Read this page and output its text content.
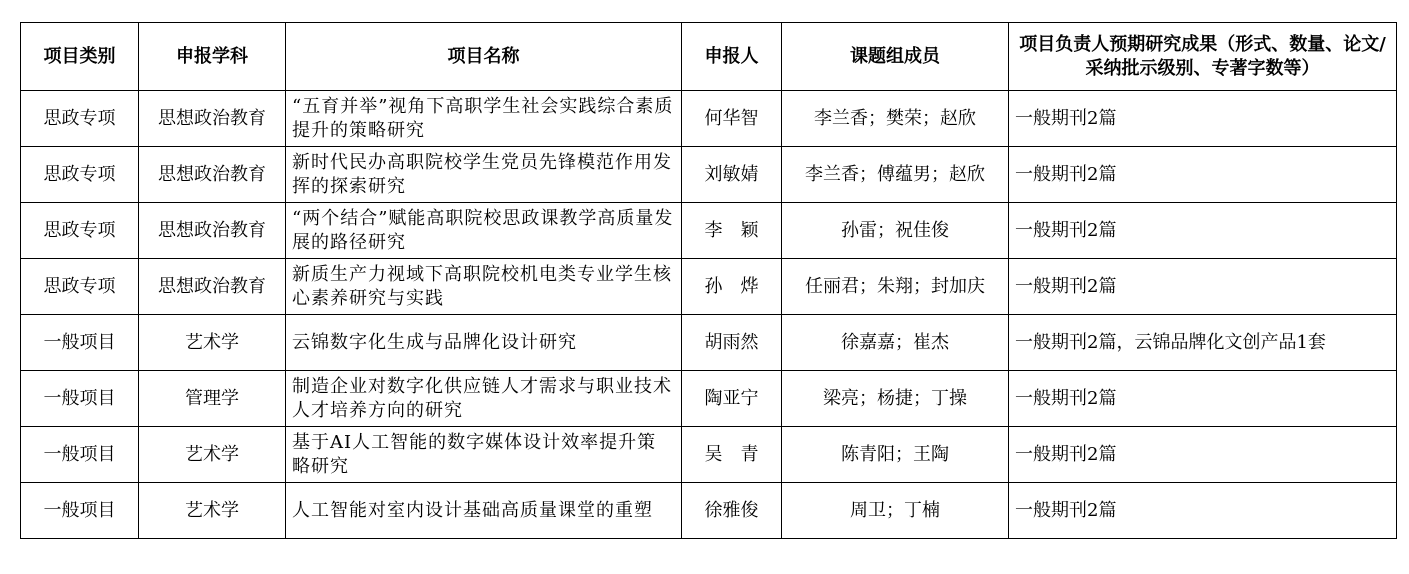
项目类别	申报学科	项目名称	申报人	课题组成员	项目负责人预期研究成果（形式、数量、论文/采纳批示级别、专著字数等）
思政专项	思想政治教育	“五育并举”视角下高职学生社会实践综合素质提升的策略研究	何华智	李兰香；樊荣；赵欣	一般期刊2篇
思政专项	思想政治教育	新时代民办高职院校学生党员先锋模范作用发挥的探索研究	刘敏婧	李兰香；傅蕴男；赵欣	一般期刊2篇
思政专项	思想政治教育	“两个结合”赋能高职院校思政课教学高质量发展的路径研究	李　颖	孙雷；祝佳俊	一般期刊2篇
思政专项	思想政治教育	新质生产力视域下高职院校机电类专业学生核心素养研究与实践	孙　烨	任丽君；朱翔；封加庆	一般期刊2篇
一般项目	艺术学	云锦数字化生成与品牌化设计研究	胡雨然	徐嘉嘉；崔杰	一般期刊2篇，云锦品牌化文创产品1套
一般项目	管理学	制造企业对数字化供应链人才需求与职业技术人才培养方向的研究	陶亚宁	梁亮；杨捷；丁操	一般期刊2篇
一般项目	艺术学	基于AI人工智能的数字媒体设计效率提升策略研究	吴　青	陈青阳；王陶	一般期刊2篇
一般项目	艺术学	人工智能对室内设计基础高质量课堂的重塑	徐雅俊	周卫；丁楠	一般期刊2篇
